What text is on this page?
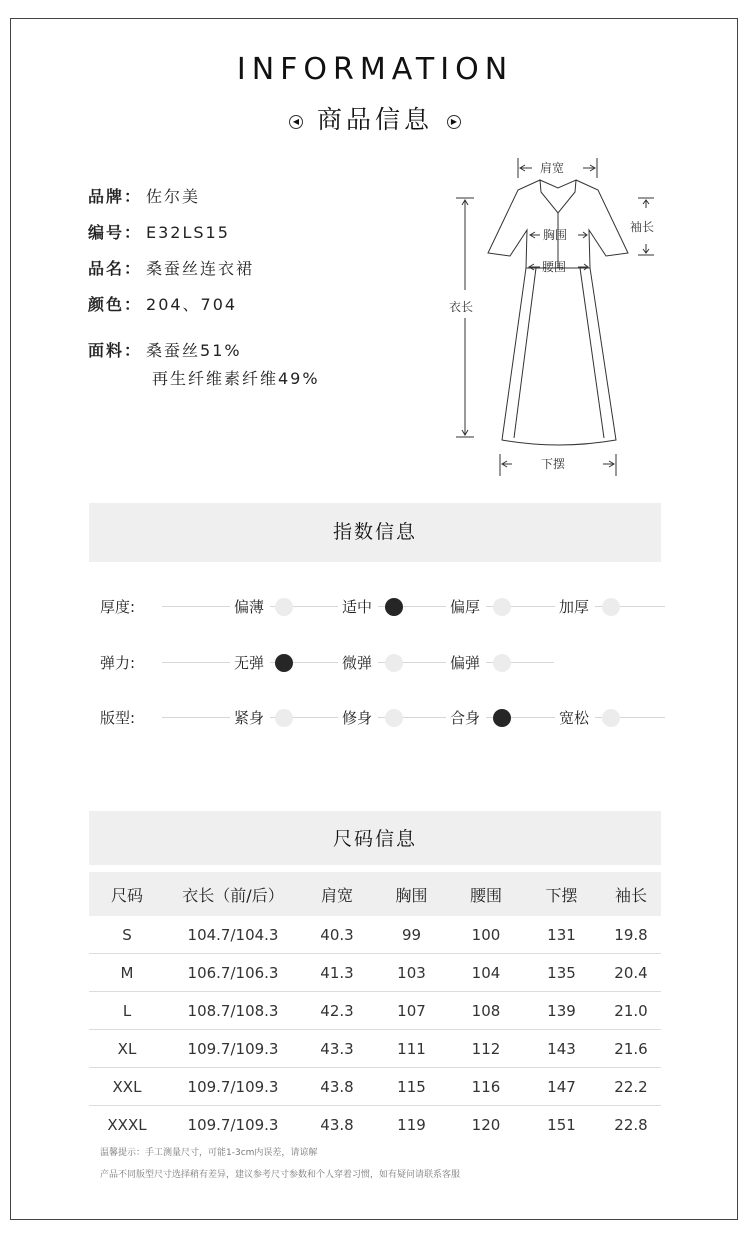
INFORMATION
◀ 商品信息 ▶
品牌： 佐尔美
编号： E32LS15
品名： 桑蚕丝连衣裙
颜色： 204、704
面料： 桑蚕丝51%
再生纤维素纤维49%
肩宽
袖长
胸围
腰围
衣长
下摆
指数信息
厚度:	偏薄	适中	偏厚	加厚
弹力:	无弹	微弹	偏弹
版型:	紧身	修身	合身	宽松
尺码信息
尺码	衣长（前/后）	肩宽	胸围	腰围	下摆	袖长
S	104.7/104.3	40.3	99	100	131	19.8
M	106.7/106.3	41.3	103	104	135	20.4
L	108.7/108.3	42.3	107	108	139	21.0
XL	109.7/109.3	43.3	111	112	143	21.6
XXL	109.7/109.3	43.8	115	116	147	22.2
XXXL	109.7/109.3	43.8	119	120	151	22.8
温馨提示：手工测量尺寸，可能1-3cm内误差，请谅解
产品不同版型尺寸选择稍有差异，建议参考尺寸参数和个人穿着习惯，如有疑问请联系客服
